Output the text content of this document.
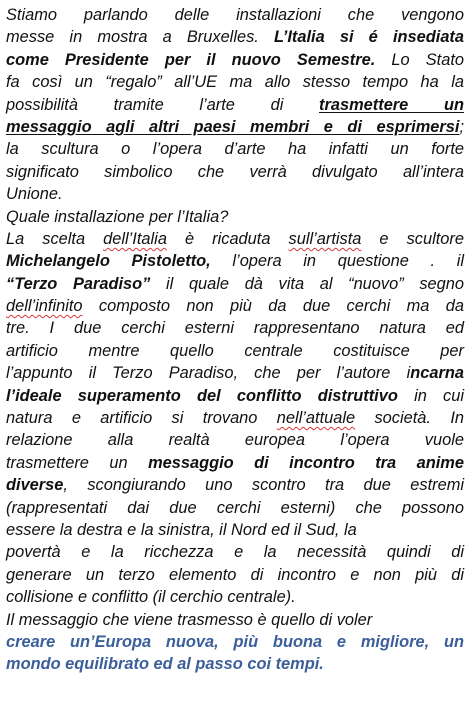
Stiamo parlando delle installazioni che vengono
messe in mostra a Bruxelles. L’Italia si é insediata
come Presidente per il nuovo Semestre. Lo Stato
fa così un “regalo” all’UE ma allo stesso tempo ha la
possibilità tramite l’arte di trasmettere un
messaggio agli altri paesi membri e di esprimersi;
la scultura o l’opera d’arte ha infatti un forte
significato simbolico che verrà divulgato all’intera
Unione.
Quale installazione per l’Italia?
La scelta dell’Italia è ricaduta sull’artista e scultore
Michelangelo Pistoletto, l’opera in questione . il
“Terzo Paradiso” il quale dà vita al “nuovo” segno
dell’infinito composto non più da due cerchi ma da
tre. I due cerchi esterni rappresentano natura ed
artificio mentre quello centrale costituisce per
l’appunto il Terzo Paradiso, che per l’autore incarna
l’ideale superamento del conflitto distruttivo in cui
natura e artificio si trovano nell’attuale società. In
relazione alla realtà europea l’opera vuole
trasmettere un messaggio di incontro tra anime
diverse, scongiurando uno scontro tra due estremi
(rappresentati dai due cerchi esterni) che possono
essere la destra e la sinistra, il Nord ed il Sud, la
povertà e la ricchezza e la necessità quindi di
generare un terzo elemento di incontro e non più di
collisione e conflitto (il cerchio centrale).
Il messaggio che viene trasmesso è quello di voler
creare un’Europa nuova, più buona e migliore, un
mondo equilibrato ed al passo coi tempi.
